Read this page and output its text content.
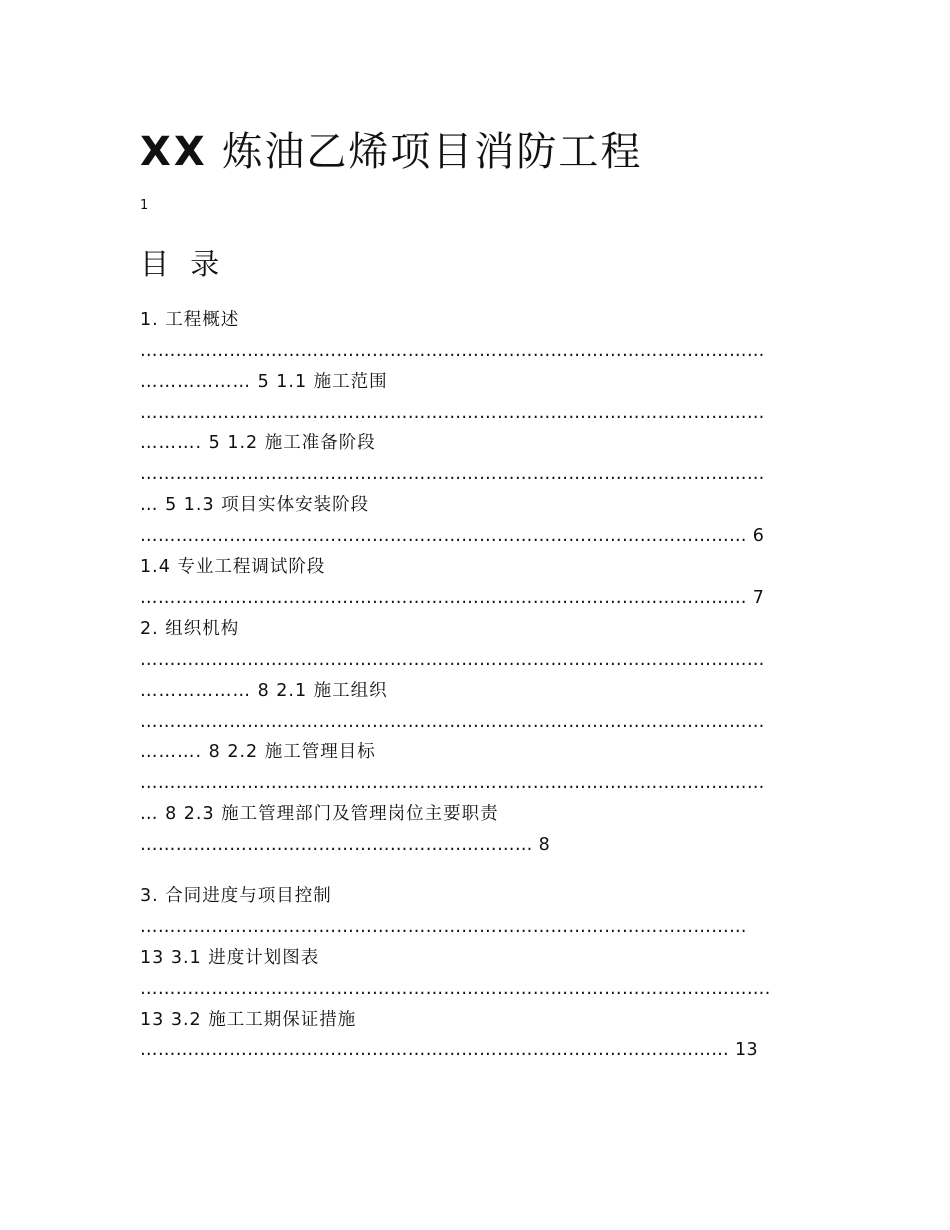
XX 炼油乙烯项目消防工程
1
目 录
1. 工程概述
……………………………………………………………………………………………
……………… 5 1.1 施工范围
……………………………………………………………………………………………
………. 5 1.2 施工准备阶段
……………………………………………………………………………………………
… 5 1.3 项目实体安装阶段
………………………………………………………………………………………… 6
1.4 专业工程调试阶段
………………………………………………………………………………………… 7
2. 组织机构
……………………………………………………………………………………………
……………… 8 2.1 施工组织
……………………………………………………………………………………………
………. 8 2.2 施工管理目标
……………………………………………………………………………………………
… 8 2.3 施工管理部门及管理岗位主要职责
………………………………………………………… 8
3. 合同进度与项目控制
…………………………………………………………………………………………
13 3.1 进度计划图表
…………………………………………………………………………………………….
13 3.2 施工工期保证措施
……………………………………………………………………………………… 13
